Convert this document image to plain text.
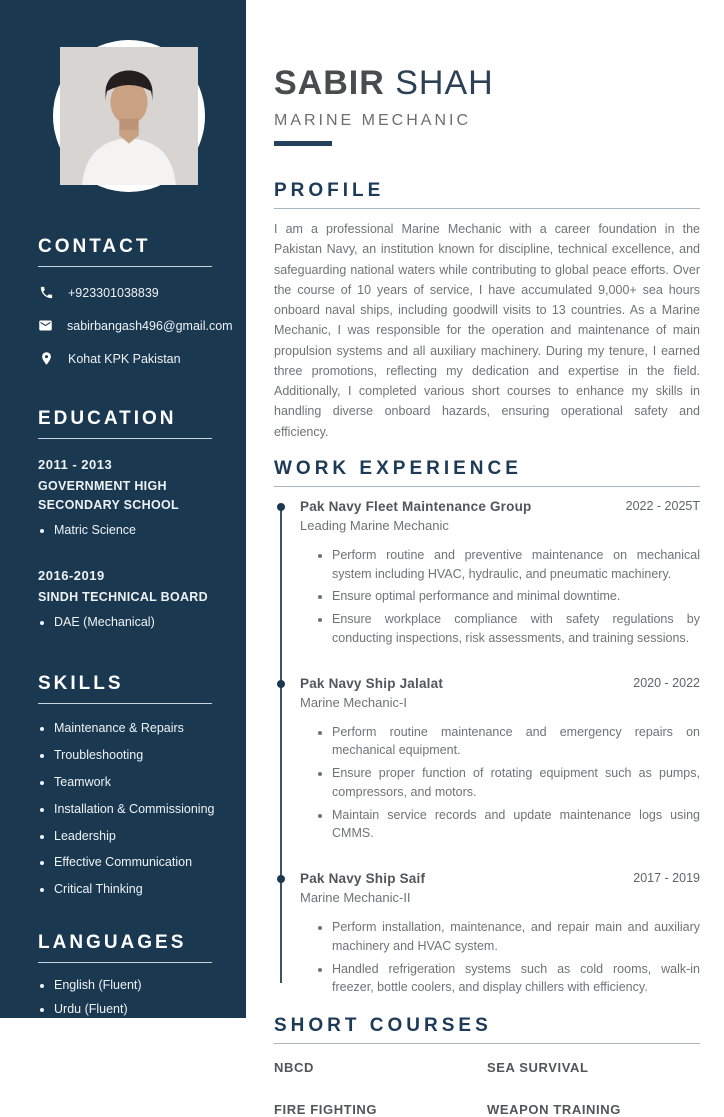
CONTACT
+923301038839
sabirbangash496@gmail.com
Kohat KPK Pakistan
EDUCATION
2011 - 2013
GOVERNMENT HIGH SECONDARY SCHOOL
• Matric Science
2016-2019
SINDH TECHNICAL BOARD
• DAE (Mechanical)
SKILLS
• Maintenance & Repairs
• Troubleshooting
• Teamwork
• Installation & Commissioning
• Leadership
• Effective Communication
• Critical Thinking
LANGUAGES
• English (Fluent)
• Urdu (Fluent)
SABIR SHAH
MARINE MECHANIC
PROFILE

I am a professional Marine Mechanic with a career foundation in the Pakistan Navy, an institution known for discipline, technical excellence, and safeguarding national waters while contributing to global peace efforts. Over the course of 10 years of service, I have accumulated 9,000+ sea hours onboard naval ships, including goodwill visits to 13 countries. As a Marine Mechanic, I was responsible for the operation and maintenance of main propulsion systems and all auxiliary machinery. During my tenure, I earned three promotions, reflecting my dedication and expertise in the field. Additionally, I completed various short courses to enhance my skills in handling diverse onboard hazards, ensuring operational safety and efficiency.

WORK EXPERIENCE
Pak Navy Fleet Maintenance Group
Leading Marine Mechanic
2022 - 2025T
• Perform routine and preventive maintenance on mechanical system including HVAC, hydraulic, and pneumatic machinery.
• Ensure optimal performance and minimal downtime.
• Ensure workplace compliance with safety regulations by conducting inspections, risk assessments, and training sessions.
Pak Navy Ship Jalalat
Marine Mechanic-I
2020 - 2022
• Perform routine maintenance and emergency repairs on mechanical equipment.
• Ensure proper function of rotating equipment such as pumps, compressors, and motors.
• Maintain service records and update maintenance logs using CMMS.
Pak Navy Ship Saif
Marine Mechanic-II
2017 - 2019
• Perform installation, maintenance, and repair main and auxiliary machinery and HVAC system.
• Handled refrigeration systems such as cold rooms, walk-in freezer, bottle coolers, and display chillers with efficiency.
SHORT COURSES
NBCD	SEA SURVIVAL
FIRE FIGHTING	WEAPON TRAINING
